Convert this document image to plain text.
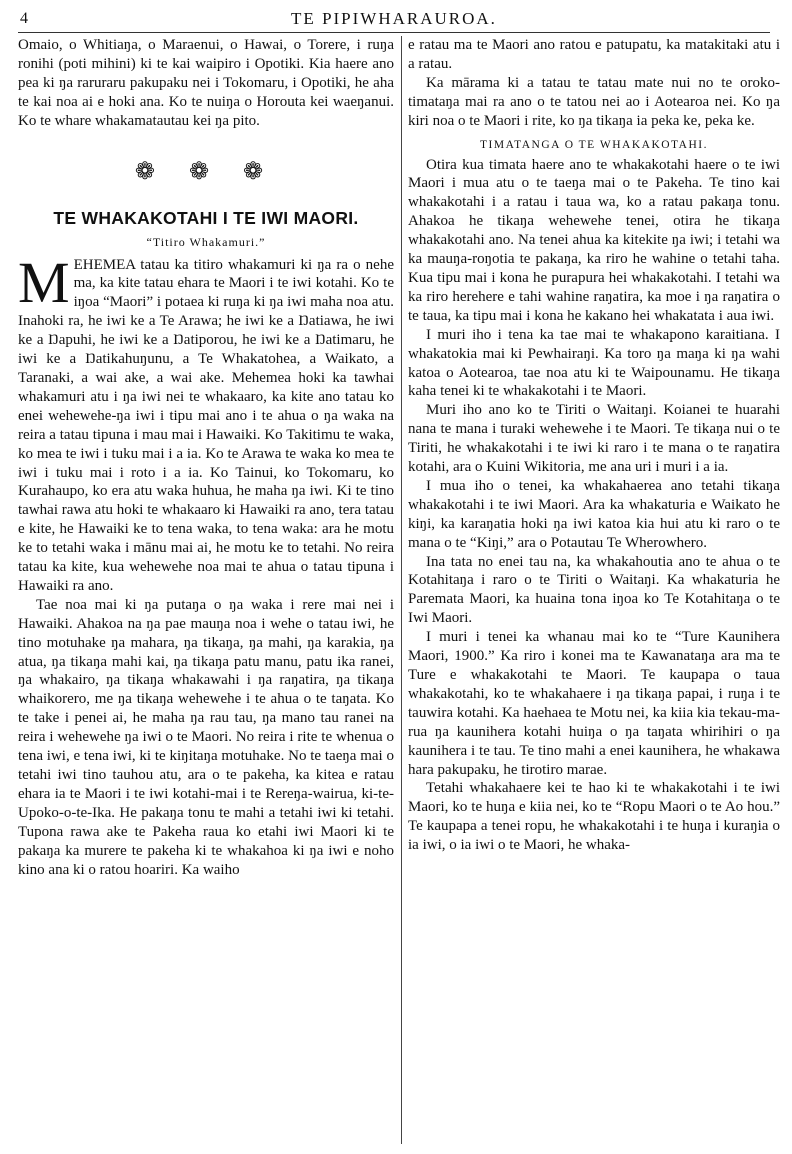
4	TE PIPIWHARAUROA.

Omaio, o Whitiaŋa, o Maraenui, o Hawai, o Torere, i ruŋa ronihi (poti mihini) ki te kai waipiro i Opotiki. Kia haere ano pea ki ŋa raruraru pakupaku nei i Tokomaru, i Opotiki, he aha te kai noa ai e hoki ana. Ko te nuiŋa o Horouta kei waeŋanui. Ko te whare whakamatautau kei ŋa pito.

❁ ❁ ❁
TE WHAKAKOTAHI I TE IWI MAORI.
“Titiro Whakamuri.”

MEHEMEA tatau ka titiro whakamuri ki ŋa ra o nehe ma, ka kite tatau ehara te Maori i te iwi kotahi. Ko te iŋoa “Maori” i potaea ki ruŋa ki ŋa iwi maha noa atu. Inahoki ra, he iwi ke a Te Arawa; he iwi ke a Ŋatiawa, he iwi ke a Ŋapuhi, he iwi ke a Ŋatiporou, he iwi ke a Ŋatimaru, he iwi ke a Ŋatikahuŋunu, a Te Whakatohea, a Waikato, a Taranaki, a wai ake, a wai ake. Mehemea hoki ka tawhai whakamuri atu i ŋa iwi nei te whakaaro, ka kite ano tatau ko enei wehewehe-ŋa iwi i tipu mai ano i te ahua o ŋa waka na reira a tatau tipuna i mau mai i Hawaiki. Ko Takitimu te waka, ko mea te iwi i tuku mai i a ia. Ko te Arawa te waka ko mea te iwi i tuku mai i roto i a ia. Ko Tainui, ko Tokomaru, ko Kurahaupo, ko era atu waka huhua, he maha ŋa iwi. Ki te tino tawhai rawa atu hoki te whakaaro ki Hawaiki ra ano, tera tatau e kite, he Hawaiki ke to tena waka, to tena waka: ara he motu ke to tetahi waka i mānu mai ai, he motu ke to tetahi. No reira tatau ka kite, kua wehewehe noa mai te ahua o tatau tipuna i Hawaiki ra ano.

Tae noa mai ki ŋa putaŋa o ŋa waka i rere mai nei i Hawaiki. Ahakoa na ŋa pae mauŋa noa i wehe o tatau iwi, he tino motuhake ŋa mahara, ŋa tikaŋa, ŋa mahi, ŋa karakia, ŋa atua, ŋa tikaŋa mahi kai, ŋa tikaŋa patu manu, patu ika ranei, ŋa whakairo, ŋa tikaŋa whakawahi i ŋa raŋatira, ŋa tikaŋa whaikorero, me ŋa tikaŋa wehewehe i te ahua o te taŋata. Ko te take i penei ai, he maha ŋa rau tau, ŋa mano tau ranei na reira i wehewehe ŋa iwi o te Maori. No reira i rite te whenua o tena iwi, e tena iwi, ki te kiŋitaŋa motuhake. No te taeŋa mai o tetahi iwi tino tauhou atu, ara o te pakeha, ka kitea e ratau ehara ia te Maori i te iwi kotahi-mai i te Rereŋa-wairua, ki-te-Upoko-o-te-Ika. He pakaŋa tonu te mahi a tetahi iwi ki tetahi. Tupona rawa ake te Pakeha raua ko etahi iwi Maori ki te pakaŋa ka murere te pakeha ki te whakahoa ki ŋa iwi e noho kino ana ki o ratou hoariri. Ka waiho

e ratau ma te Maori ano ratou e patupatu, ka matakitaki atu i a ratau.

Ka mārama ki a tatau te tatau mate nui no te oroko-timataŋa mai ra ano o te tatou nei ao i Aotearoa nei. Ko ŋa kiri noa o te Maori i rite, ko ŋa tikaŋa ia peka ke, peka ke.

TIMATANGA O TE WHAKAKOTAHI.

Otira kua timata haere ano te whakakotahi haere o te iwi Maori i mua atu o te taeŋa mai o te Pakeha. Te tino kai whakakotahi i a ratau i taua wa, ko a ratau pakaŋa tonu. Ahakoa he tikaŋa wehewehe tenei, otira he tikaŋa whakakotahi ano. Na tenei ahua ka kitekite ŋa iwi; i tetahi wa ka mauŋa-roŋotia te pakaŋa, ka riro he wahine o tetahi taha. Kua tipu mai i kona he purapura hei whakakotahi. I tetahi wa ka riro herehere e tahi wahine raŋatira, ka moe i ŋa raŋatira o te taua, ka tipu mai i kona he kakano hei whakatata i aua iwi.

I muri iho i tena ka tae mai te whakapono karaitiana. I whakatokia mai ki Pewhairaŋi. Ka toro ŋa maŋa ki ŋa wahi katoa o Aotearoa, tae noa atu ki te Waipounamu. He tikaŋa kaha tenei ki te whakakotahi i te Maori.

Muri iho ano ko te Tiriti o Waitaŋi. Koianei te huarahi nana te mana i turaki wehewehe i te Maori. Te tikaŋa nui o te Tiriti, he whakakotahi i te iwi ki raro i te mana o te raŋatira kotahi, ara o Kuini Wikitoria, me ana uri i muri i a ia.

I mua iho o tenei, ka whakahaerea ano tetahi tikaŋa whakakotahi i te iwi Maori. Ara ka whakaturia e Waikato he kiŋi, ka karaŋatia hoki ŋa iwi katoa kia hui atu ki raro o te mana o te “Kiŋi,” ara o Potautau Te Wherowhero.

Ina tata no enei tau na, ka whakahoutia ano te ahua o te Kotahitaŋa i raro o te Tiriti o Waitaŋi. Ka whakaturia he Paremata Maori, ka huaina tona iŋoa ko Te Kotahitaŋa o te Iwi Maori.

I muri i tenei ka whanau mai ko te “Ture Kaunihera Maori, 1900.” Ka riro i konei ma te Kawanataŋa ara ma te Ture e whakakotahi te Maori. Te kaupapa o taua whakakotahi, ko te whakahaere i ŋa tikaŋa papai, i ruŋa i te tauwira kotahi. Ka haehaea te Motu nei, ka kiia kia tekau-ma-rua ŋa kaunihera kotahi huiŋa o ŋa taŋata whirihiri o ŋa kaunihera i te tau. Te tino mahi a enei kaunihera, he whakawa hara pakupaku, he tirotiro marae.

Tetahi whakahaere kei te hao ki te whakakotahi i te iwi Maori, ko te huŋa e kiia nei, ko te “Ropu Maori o te Ao hou.” Te kaupapa a tenei ropu, he whakakotahi i te huŋa i kuraŋia o ia iwi, o ia iwi o te Maori, he whaka-
